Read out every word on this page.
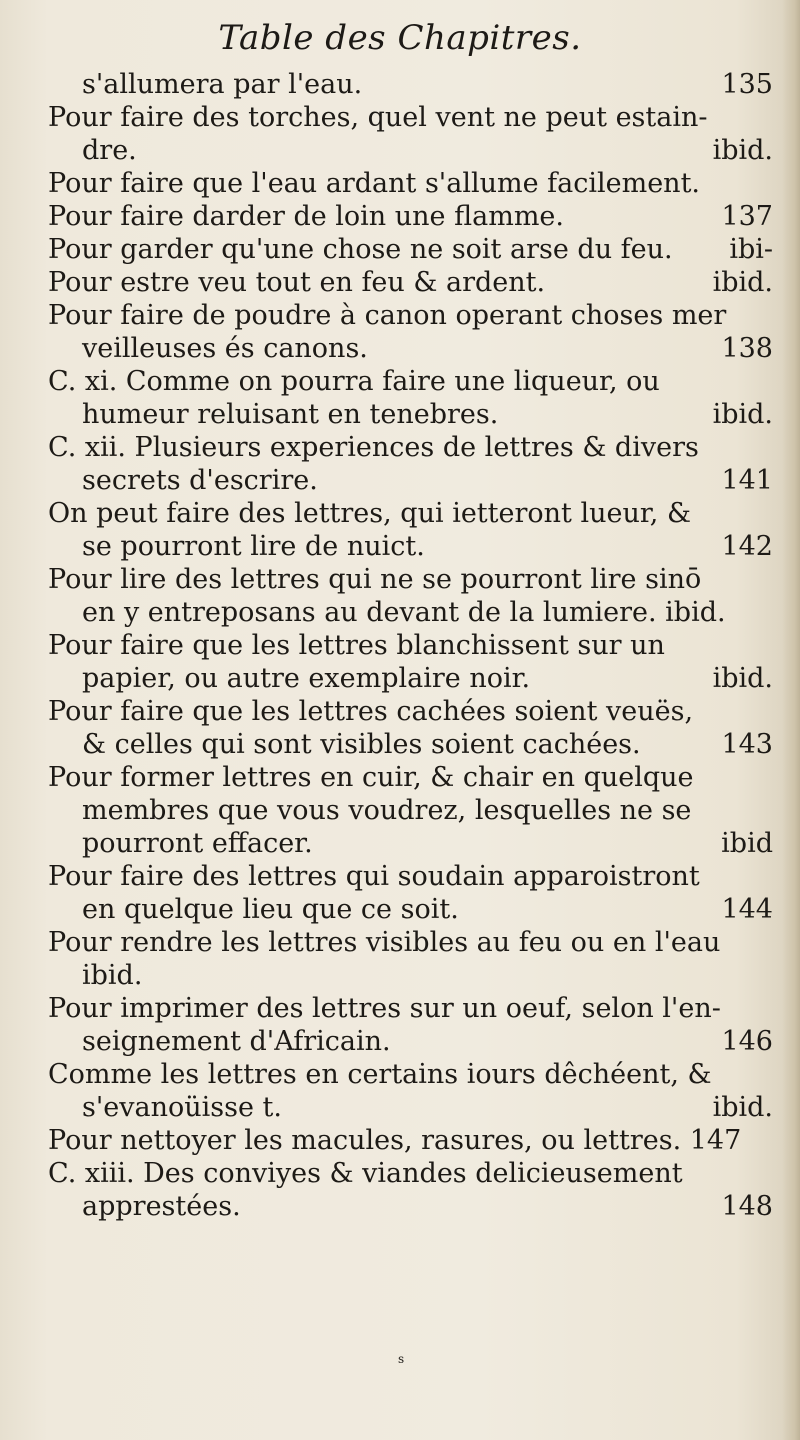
Table des Chapitres.
s'allumera par l'eau.	135
Pour faire des torches, quel vent ne peut estain-
dre.	ibid.
Pour faire que l'eau ardant s'allume facilement.
Pour faire darder de loin une flamme.	137
Pour garder qu'une chose ne soit arse du feu. ibi-
Pour estre veu tout en feu & ardent.	ibid.
Pour faire de poudre à canon operant choses mer
veilleuses és canons.	138
C. xi. Comme on pourra faire une liqueur, ou
humeur reluisant en tenebres.	ibid.
C. xii. Plusieurs experiences de lettres & divers
secrets d'escrire.	141
On peut faire des lettres, qui ietteront lueur, &
se pourront lire de nuict.	142
Pour lire des lettres qui ne se pourront lire sinō
en y entreposans au devant de la lumiere. ibid.
Pour faire que les lettres blanchissent sur un
papier, ou autre exemplaire noir.	ibid.
Pour faire que les lettres cachées soient veuës,
& celles qui sont visibles soient cachées.	143
Pour former lettres en cuir, & chair en quelque
membres que vous voudrez, lesquelles ne se
pourront effacer.	ibid
Pour faire des lettres qui soudain apparoistront
en quelque lieu que ce soit.	144
Pour rendre les lettres visibles au feu ou en l'eau
ibid.
Pour imprimer des lettres sur un oeuf, selon l'en-
seignement d'Africain.	146
Comme les lettres en certains iours dêchéent, &
s'evanoüisse t.	ibid.
Pour nettoyer les macules, rasures, ou lettres. 147
C. xiii. Des conviyes & viandes delicieusement
apprestées.	148
s
